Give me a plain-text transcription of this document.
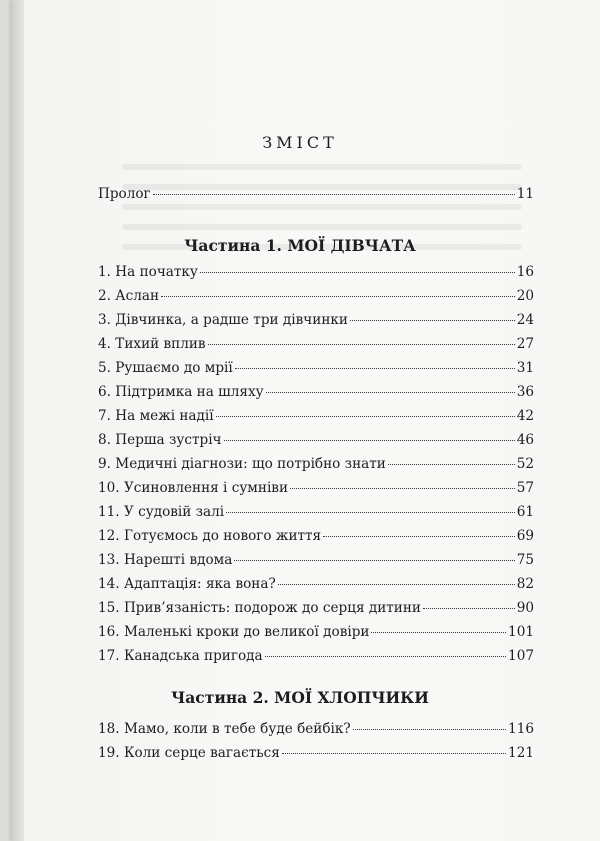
ЗМІСТ
Пролог	11
Частина 1. МОЇ ДІВЧАТА
1. На початку	16
2. Аслан	20
3. Дівчинка, а радше три дівчинки	24
4. Тихий вплив	27
5. Рушаємо до мрії	31
6. Підтримка на шляху	36
7. На межі надії	42
8. Перша зустріч	46
9. Медичні діагнози: що потрібно знати	52
10. Усиновлення і сумніви	57
11. У судовій залі	61
12. Готуємось до нового життя	69
13. Нарешті вдома	75
14. Адаптація: яка вона?	82
15. Прив’язаність: подорож до серця дитини	90
16. Маленькі кроки до великої довіри	101
17. Канадська пригода	107
Частина 2. МОЇ ХЛОПЧИКИ
18. Мамо, коли в тебе буде бейбік?	116
19. Коли серце вагається	121
